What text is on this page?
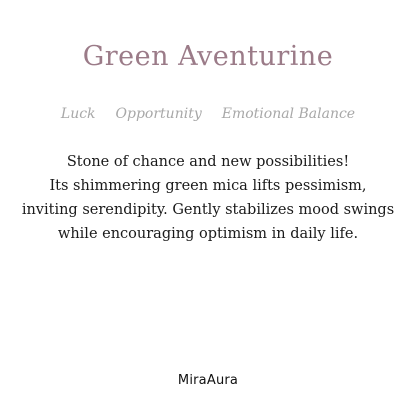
Green Aventurine
Luck Opportunity Emotional Balance

Stone of chance and new possibilities!
Its shimmering green mica lifts pessimism,
inviting serendipity. Gently stabilizes mood swings
while encouraging optimism in daily life.

MiraAura
